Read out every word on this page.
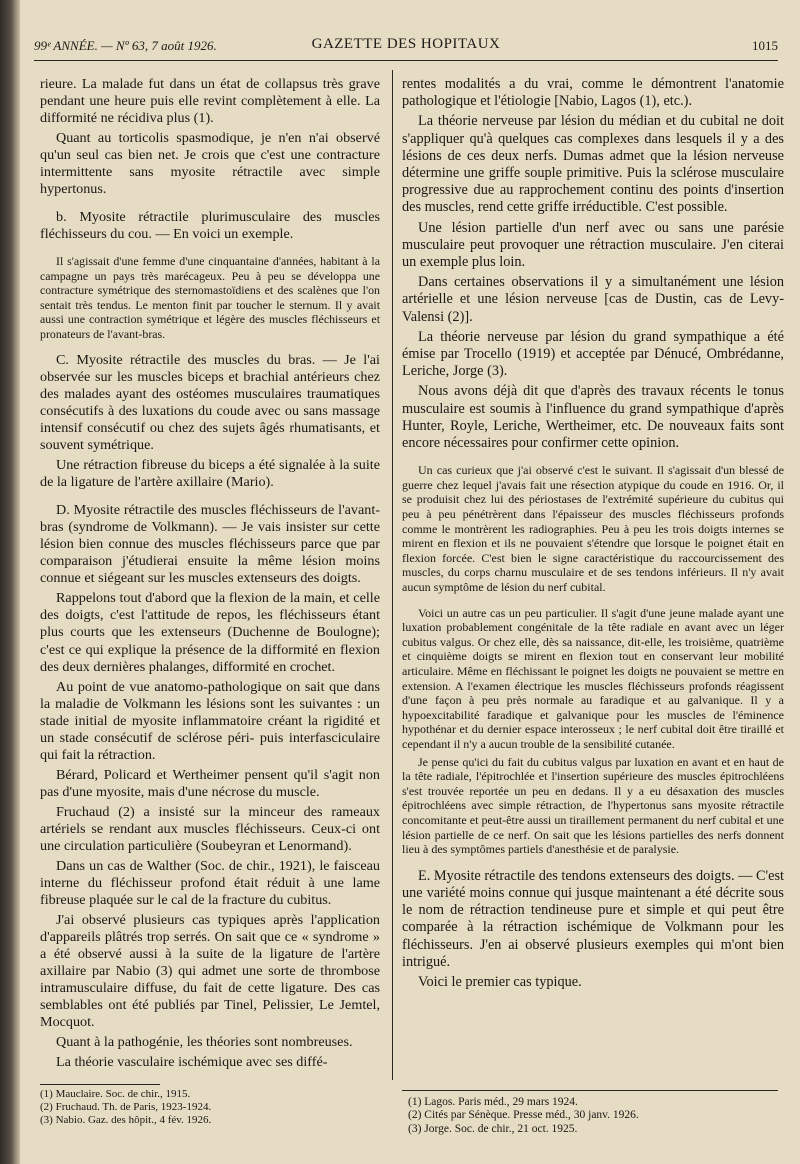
99ᵉ ANNÉE. — Nº 63, 7 août 1926.	GAZETTE DES HOPITAUX	1015

rieure. La malade fut dans un état de collapsus très grave pendant une heure puis elle revint complètement à elle. La difformité ne récidiva plus (1).

Quant au torticolis spasmodique, je n'en n'ai observé qu'un seul cas bien net. Je crois que c'est une contracture intermittente sans myosite rétractile avec simple hypertonus.

b. Myosite rétractile plurimusculaire des muscles fléchisseurs du cou. — En voici un exemple.

Il s'agissait d'une femme d'une cinquantaine d'années, habitant à la campagne un pays très marécageux. Peu à peu se développa une contracture symétrique des sternomastoïdiens et des scalènes que l'on sentait très tendus. Le menton finit par toucher le sternum. Il y avait aussi une contraction symétrique et légère des muscles fléchisseurs et pronateurs de l'avant-bras.

C. Myosite rétractile des muscles du bras. — Je l'ai observée sur les muscles biceps et brachial antérieurs chez des malades ayant des ostéomes musculaires traumatiques consécutifs à des luxations du coude avec ou sans massage intensif consécutif ou chez des sujets âgés rhumatisants, et souvent symétrique.

Une rétraction fibreuse du biceps a été signalée à la suite de la ligature de l'artère axillaire (Mario).

D. Myosite rétractile des muscles fléchisseurs de l'avant-bras (syndrome de Volkmann). — Je vais insister sur cette lésion bien connue des muscles fléchisseurs parce que par comparaison j'étudierai ensuite la même lésion moins connue et siégeant sur les muscles extenseurs des doigts.

Rappelons tout d'abord que la flexion de la main, et celle des doigts, c'est l'attitude de repos, les fléchisseurs étant plus courts que les extenseurs (Duchenne de Boulogne); c'est ce qui explique la présence de la difformité en flexion des deux dernières phalanges, difformité en crochet.

Au point de vue anatomo-pathologique on sait que dans la maladie de Volkmann les lésions sont les suivantes : un stade initial de myosite inflammatoire créant la rigidité et un stade consécutif de sclérose péri- puis interfasciculaire qui fait la rétraction.

Bérard, Policard et Wertheimer pensent qu'il s'agit non pas d'une myosite, mais d'une nécrose du muscle.

Fruchaud (2) a insisté sur la minceur des rameaux artériels se rendant aux muscles fléchisseurs. Ceux-ci ont une circulation particulière (Soubeyran et Lenormand).

Dans un cas de Walther (Soc. de chir., 1921), le faisceau interne du fléchisseur profond était réduit à une lame fibreuse plaquée sur le cal de la fracture du cubitus.

J'ai observé plusieurs cas typiques après l'application d'appareils plâtrés trop serrés. On sait que ce « syndrome » a été observé aussi à la suite de la ligature de l'artère axillaire par Nabio (3) qui admet une sorte de thrombose intramusculaire diffuse, du fait de cette ligature. Des cas semblables ont été publiés par Tinel, Pelissier, Le Jemtel, Mocquot.

Quant à la pathogénie, les théories sont nombreuses.

La théorie vasculaire ischémique avec ses diffé-

rentes modalités a du vrai, comme le démontrent l'anatomie pathologique et l'étiologie [Nabio, Lagos (1), etc.).

La théorie nerveuse par lésion du médian et du cubital ne doit s'appliquer qu'à quelques cas complexes dans lesquels il y a des lésions de ces deux nerfs. Dumas admet que la lésion nerveuse détermine une griffe souple primitive. Puis la sclérose musculaire progressive due au rapprochement continu des points d'insertion des muscles, rend cette griffe irréductible. C'est possible.

Une lésion partielle d'un nerf avec ou sans une parésie musculaire peut provoquer une rétraction musculaire. J'en citerai un exemple plus loin.

Dans certaines observations il y a simultanément une lésion artérielle et une lésion nerveuse [cas de Dustin, cas de Levy-Valensi (2)].

La théorie nerveuse par lésion du grand sympathique a été émise par Trocello (1919) et acceptée par Dénucé, Ombrédanne, Leriche, Jorge (3).

Nous avons déjà dit que d'après des travaux récents le tonus musculaire est soumis à l'influence du grand sympathique d'après Hunter, Royle, Leriche, Wertheimer, etc. De nouveaux faits sont encore nécessaires pour confirmer cette opinion.

Un cas curieux que j'ai observé c'est le suivant. Il s'agissait d'un blessé de guerre chez lequel j'avais fait une résection atypique du coude en 1916. Or, il se produisit chez lui des périostases de l'extrémité supérieure du cubitus qui peu à peu pénétrèrent dans l'épaisseur des muscles fléchisseurs profonds comme le montrèrent les radiographies. Peu à peu les trois doigts internes se mirent en flexion et ils ne pouvaient s'étendre que lorsque le poignet était en flexion forcée. C'est bien le signe caractéristique du raccourcissement des muscles, du corps charnu musculaire et de ses tendons inférieurs. Il n'y avait aucun symptôme de lésion du nerf cubital.

Voici un autre cas un peu particulier. Il s'agit d'une jeune malade ayant une luxation probablement congénitale de la tête radiale en avant avec un léger cubitus valgus. Or chez elle, dès sa naissance, dit-elle, les troisième, quatrième et cinquième doigts se mirent en flexion tout en conservant leur mobilité articulaire. Même en fléchissant le poignet les doigts ne pouvaient se mettre en extension. A l'examen électrique les muscles fléchisseurs profonds réagissent d'une façon à peu près normale au faradique et au galvanique. Il y a hypoexcitabilité faradique et galvanique pour les muscles de l'éminence hypothénar et du dernier espace interosseux ; le nerf cubital doit être tiraillé et cependant il n'y a aucun trouble de la sensibilité cutanée.

Je pense qu'ici du fait du cubitus valgus par luxation en avant et en haut de la tête radiale, l'épitrochlée et l'insertion supérieure des muscles épitrochléens s'est trouvée reportée un peu en dedans. Il y a eu désaxation des muscles épitrochléens avec simple rétraction, de l'hypertonus sans myosite rétractile concomitante et peut-être aussi un tiraillement permanent du nerf cubital et une lésion partielle de ce nerf. On sait que les lésions partielles des nerfs donnent lieu à des symptômes partiels d'anesthésie et de paralysie.

E. Myosite rétractile des tendons extenseurs des doigts. — C'est une variété moins connue qui jusque maintenant a été décrite sous le nom de rétraction tendineuse pure et simple et qui peut être comparée à la rétraction ischémique de Volkmann pour les fléchisseurs. J'en ai observé plusieurs exemples qui m'ont bien intrigué.

Voici le premier cas typique.

(1) Mauclaire. Soc. de chir., 1915.
(2) Fruchaud. Th. de Paris, 1923-1924.
(3) Nabio. Gaz. des hôpit., 4 fév. 1926.
(1) Lagos. Paris méd., 29 mars 1924.
(2) Cités par Sénèque. Presse méd., 30 janv. 1926.
(3) Jorge. Soc. de chir., 21 oct. 1925.
